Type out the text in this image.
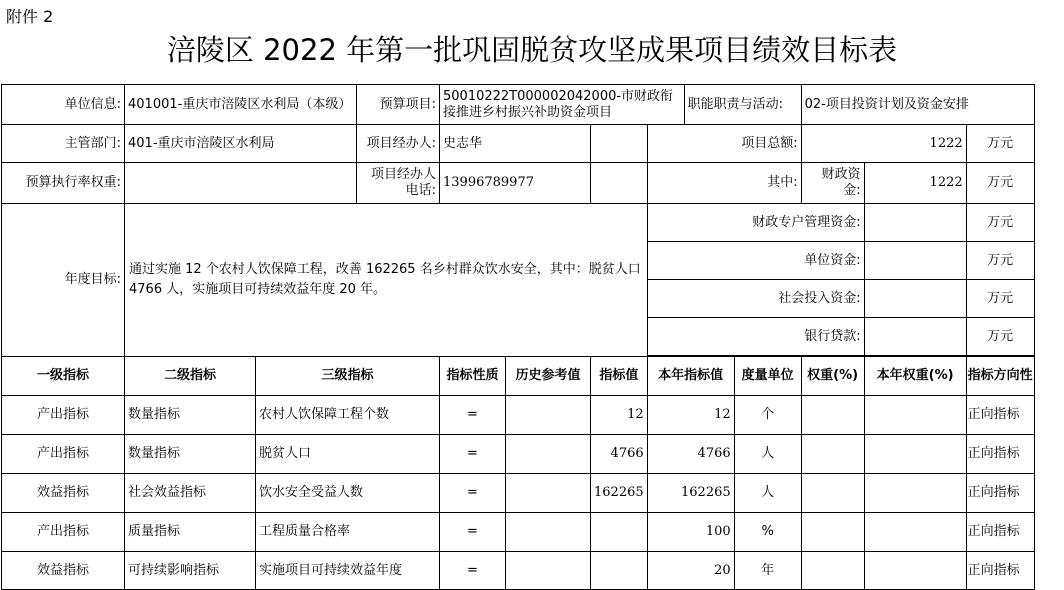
附件 2
涪陵区 2022 年第一批巩固脱贫攻坚成果项目绩效目标表
单位信息:	401001-重庆市涪陵区水利局（本级）		预算项目:	50010222T000002042000-市财政衔接推进乡村振兴补助资金项目				职能职责与活动:		02-项目投资计划及资金安排		
主管部门:	401-重庆市涪陵区水利局		项目经办人:	史志华			项目总额:			1222		万元
预算执行率权重:			项目经办人电话:	13996789977			其中:			财政资金:	1222	万元
年度目标:	通过实施 12 个农村人饮保障工程，改善 162265 名乡村群众饮水安全，其中：脱贫人口 4766 人，实施项目可持续效益年度 20 年。						财政专户管理资金:					万元
							单位资金:					万元
							社会投入资金:					万元
							银行贷款:					万元

一级指标	二级指标	三级指标		指标性质	历史参考值	指标值	本年指标值		度量单位	权重(%)	本年权重(%)	指标方向性
产出指标	数量指标	农村人饮保障工程个数		=		12	12		个			正向指标
产出指标	数量指标	脱贫人口		=		4766	4766		人			正向指标
效益指标	社会效益指标	饮水安全受益人数		=		162265	162265		人			正向指标
产出指标	质量指标	工程质量合格率		=			100		%			正向指标
效益指标	可持续影响指标	实施项目可持续效益年度		=			20		年			正向指标
